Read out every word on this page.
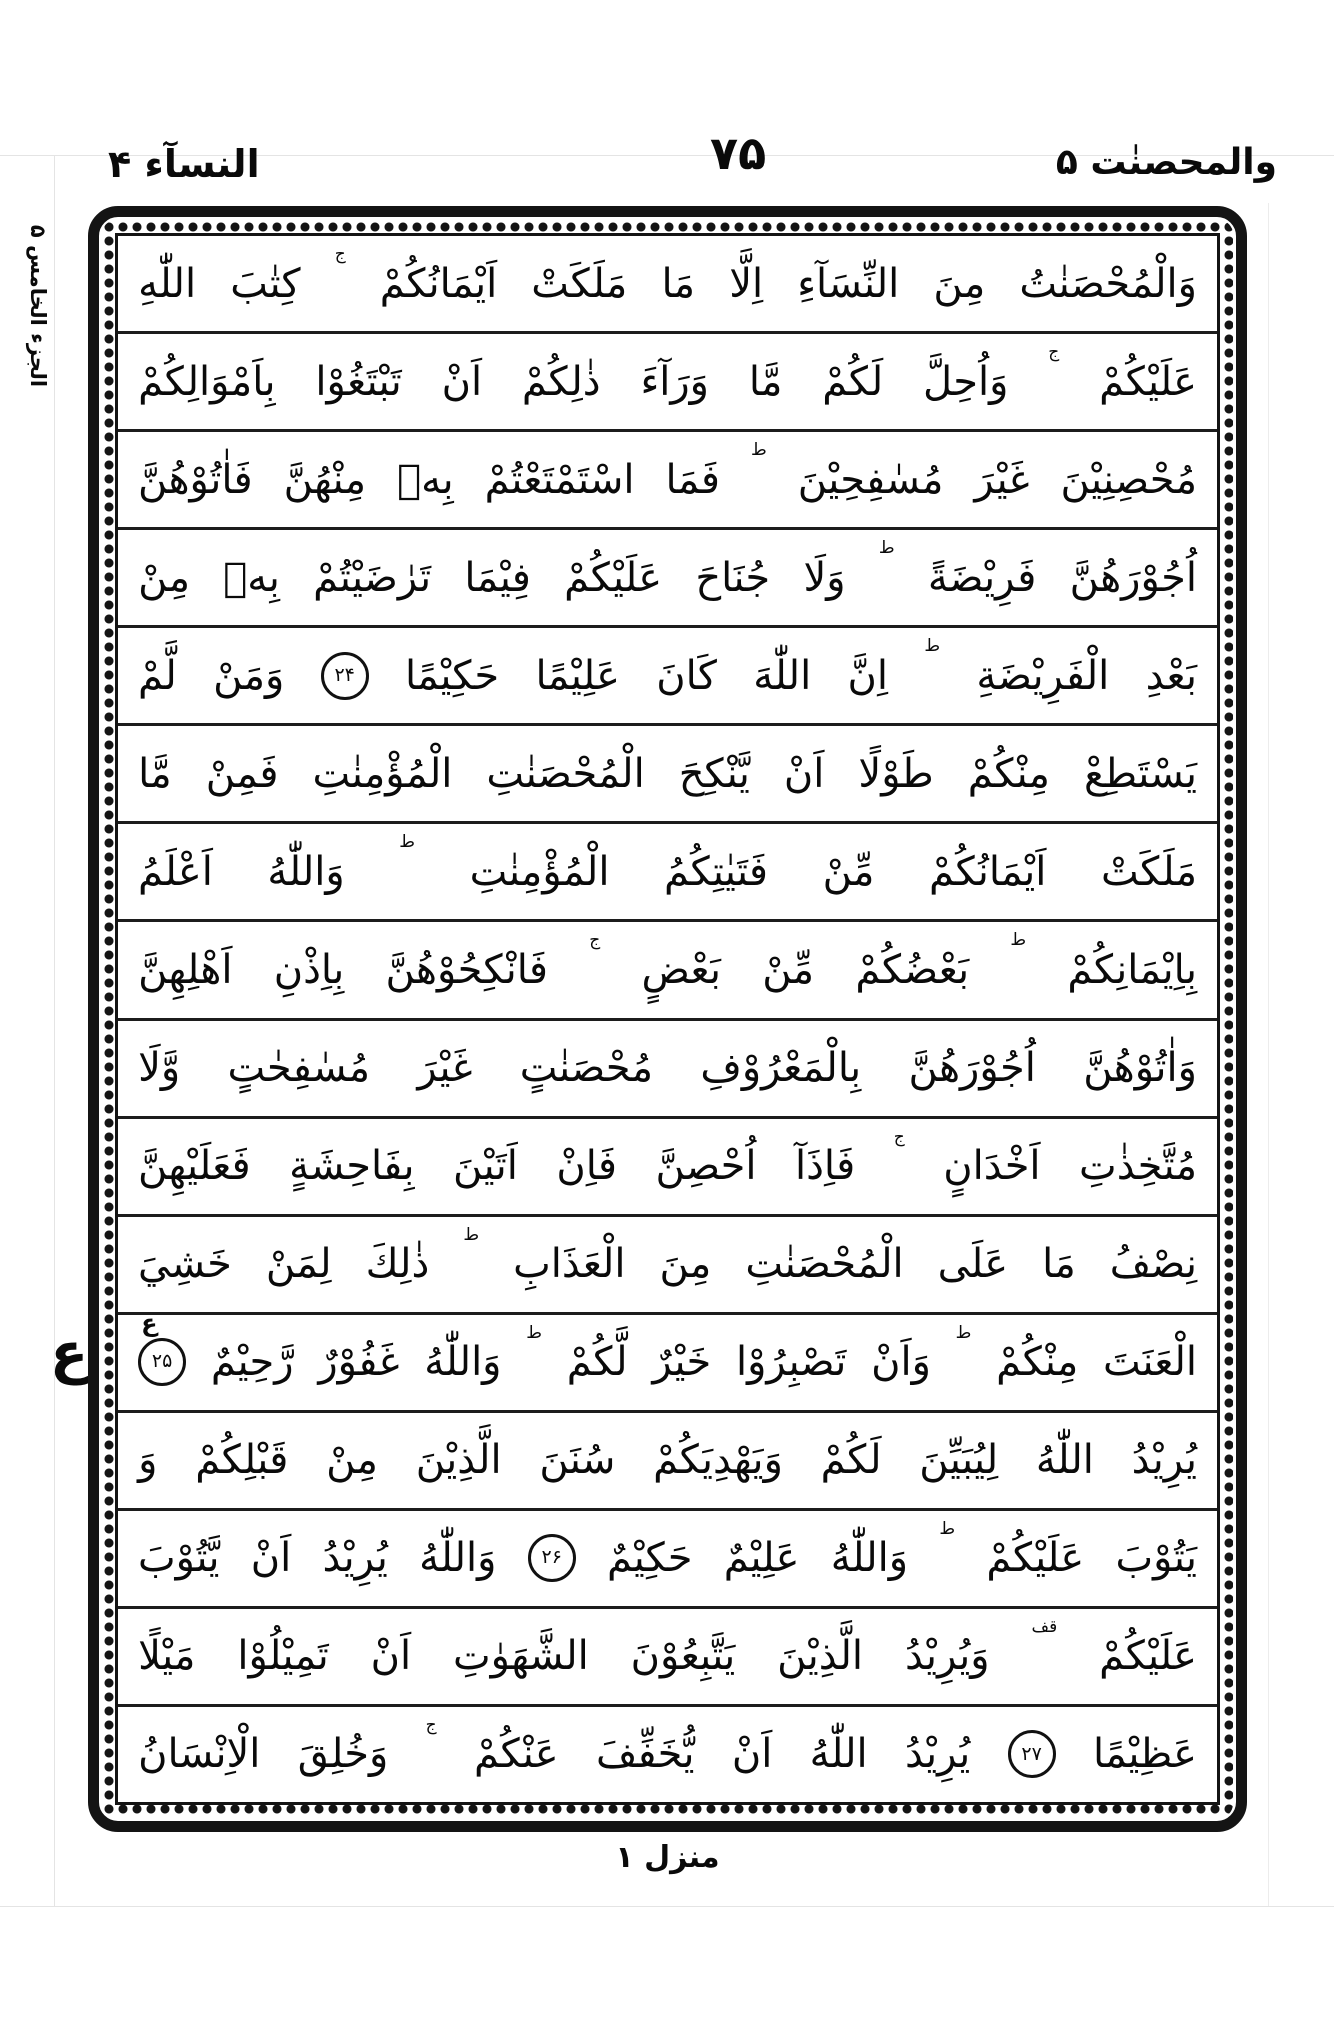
النسآء ۴	۷۵	والمحصنٰت ۵
الجزء الخامس ۵
ع
وَالْمُحْصَنٰتُ
مِنَ
النِّسَآءِ
اِلَّا
مَا
مَلَكَتْ
اَيْمَانُكُمْ
ج
كِتٰبَ
اللّٰهِ
عَلَيْكُمْ
ج
وَاُحِلَّ
لَكُمْ
مَّا
وَرَآءَ
ذٰلِكُمْ
اَنْ
تَبْتَغُوْا
بِاَمْوَالِكُمْ
مُحْصِنِيْنَ
غَيْرَ
مُسٰفِحِيْنَ
ط
فَمَا
اسْتَمْتَعْتُمْ
بِهٖ
مِنْهُنَّ
فَاٰتُوْهُنَّ
اُجُوْرَهُنَّ
فَرِيْضَةً
ط
وَلَا
جُنَاحَ
عَلَيْكُمْ
فِيْمَا
تَرٰضَيْتُمْ
بِهٖ
مِنْ
بَعْدِ
الْفَرِيْضَةِ
ط
اِنَّ
اللّٰهَ
كَانَ
عَلِيْمًا
حَكِيْمًا
۲۴
وَمَنْ
لَّمْ
يَسْتَطِعْ
مِنْكُمْ
طَوْلًا
اَنْ
يَّنْكِحَ
الْمُحْصَنٰتِ
الْمُؤْمِنٰتِ
فَمِنْ
مَّا
مَلَكَتْ
اَيْمَانُكُمْ
مِّنْ
فَتَيٰتِكُمُ
الْمُؤْمِنٰتِ
ط
وَاللّٰهُ
اَعْلَمُ
بِاِيْمَانِكُمْ
ط
بَعْضُكُمْ
مِّنْ
بَعْضٍ
ج
فَانْكِحُوْهُنَّ
بِاِذْنِ
اَهْلِهِنَّ
وَاٰتُوْهُنَّ
اُجُوْرَهُنَّ
بِالْمَعْرُوْفِ
مُحْصَنٰتٍ
غَيْرَ
مُسٰفِحٰتٍ
وَّلَا
مُتَّخِذٰتِ
اَخْدَانٍ
ج
فَاِذَآ
اُحْصِنَّ
فَاِنْ
اَتَيْنَ
بِفَاحِشَةٍ
فَعَلَيْهِنَّ
نِصْفُ
مَا
عَلَى
الْمُحْصَنٰتِ
مِنَ
الْعَذَابِ
ط
ذٰلِكَ
لِمَنْ
خَشِيَ
الْعَنَتَ
مِنْكُمْ
ط
وَاَنْ
تَصْبِرُوْا
خَيْرٌ
لَّكُمْ
ط
وَاللّٰهُ
غَفُوْرٌ
رَّحِيْمٌ
۲۵
ع
يُرِيْدُ
اللّٰهُ
لِيُبَيِّنَ
لَكُمْ
وَيَهْدِيَكُمْ
سُنَنَ
الَّذِيْنَ
مِنْ
قَبْلِكُمْ
وَ
يَتُوْبَ
عَلَيْكُمْ
ط
وَاللّٰهُ
عَلِيْمٌ
حَكِيْمٌ
۲۶
وَاللّٰهُ
يُرِيْدُ
اَنْ
يَّتُوْبَ
عَلَيْكُمْ
قف
وَيُرِيْدُ
الَّذِيْنَ
يَتَّبِعُوْنَ
الشَّهَوٰتِ
اَنْ
تَمِيْلُوْا
مَيْلًا
عَظِيْمًا
۲۷
يُرِيْدُ
اللّٰهُ
اَنْ
يُّخَفِّفَ
عَنْكُمْ
ج
وَخُلِقَ
الْاِنْسَانُ
منزل ۱
